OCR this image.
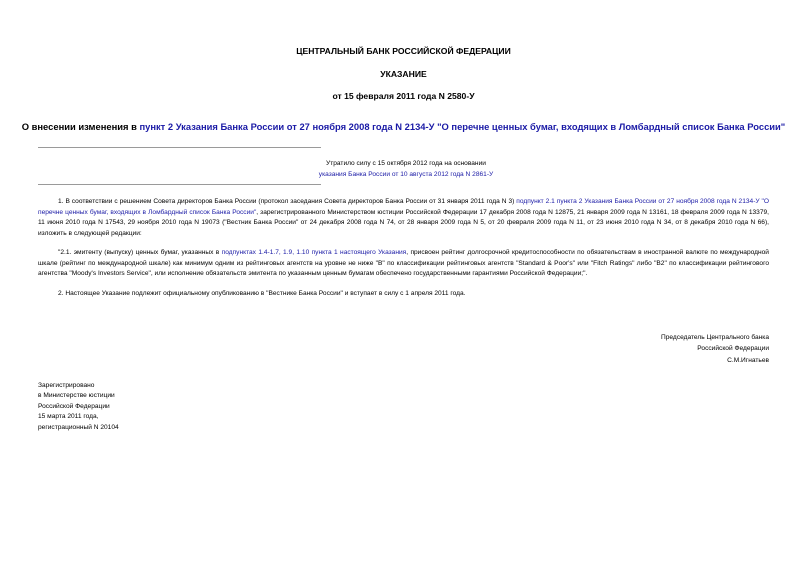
ЦЕНТРАЛЬНЫЙ БАНК РОССИЙСКОЙ ФЕДЕРАЦИИ
УКАЗАНИЕ
от 15 февраля 2011 года N 2580-У
О внесении изменения в пункт 2 Указания Банка России от 27 ноября 2008 года N 2134-У "О перечне ценных бумаг, входящих в Ломбардный список Банка России"
Утратило силу с 15 октября 2012 года на основании
указания Банка России от 10 августа 2012 года N 2861-У
1. В соответствии с решением Совета директоров Банка России (протокол заседания Совета директоров Банка России от 31 января 2011 года N 3) подпункт 2.1 пункта 2 Указания Банка России от 27 ноября 2008 года N 2134-У "О перечне ценных бумаг, входящих в Ломбардный список Банка России", зарегистрированного Министерством юстиции Российской Федерации 17 декабря 2008 года N 12875, 21 января 2009 года N 13161, 18 февраля 2009 года N 13379, 11 июня 2010 года N 17543, 29 ноября 2010 года N 19073 ("Вестник Банка России" от 24 декабря 2008 года N 74, от 28 января 2009 года N 5, от 20 февраля 2009 года N 11, от 23 июня 2010 года N 34, от 8 декабря 2010 года N 66), изложить в следующей редакции:
"2.1. эмитенту (выпуску) ценных бумаг, указанных в подпунктах 1.4-1.7, 1.9, 1.10 пункта 1 настоящего Указания, присвоен рейтинг долгосрочной кредитоспособности по обязательствам в иностранной валюте по международной шкале (рейтинг по международной шкале) как минимум одним из рейтинговых агентств на уровне не ниже "B" по классификации рейтинговых агентств "Standard & Poor's" или "Fitch Ratings" либо "B2" по классификации рейтингового агентства "Moody's Investors Service", или исполнение обязательств эмитента по указанным ценным бумагам обеспечено государственными гарантиями Российской Федерации;".
2. Настоящее Указание подлежит официальному опубликованию в "Вестнике Банка России" и вступает в силу с 1 апреля 2011 года.
Председатель Центрального банка
Российской Федерации
С.М.Игнатьев
Зарегистрировано
в Министерстве юстиции
Российской Федерации
15 марта 2011 года,
регистрационный N 20104
